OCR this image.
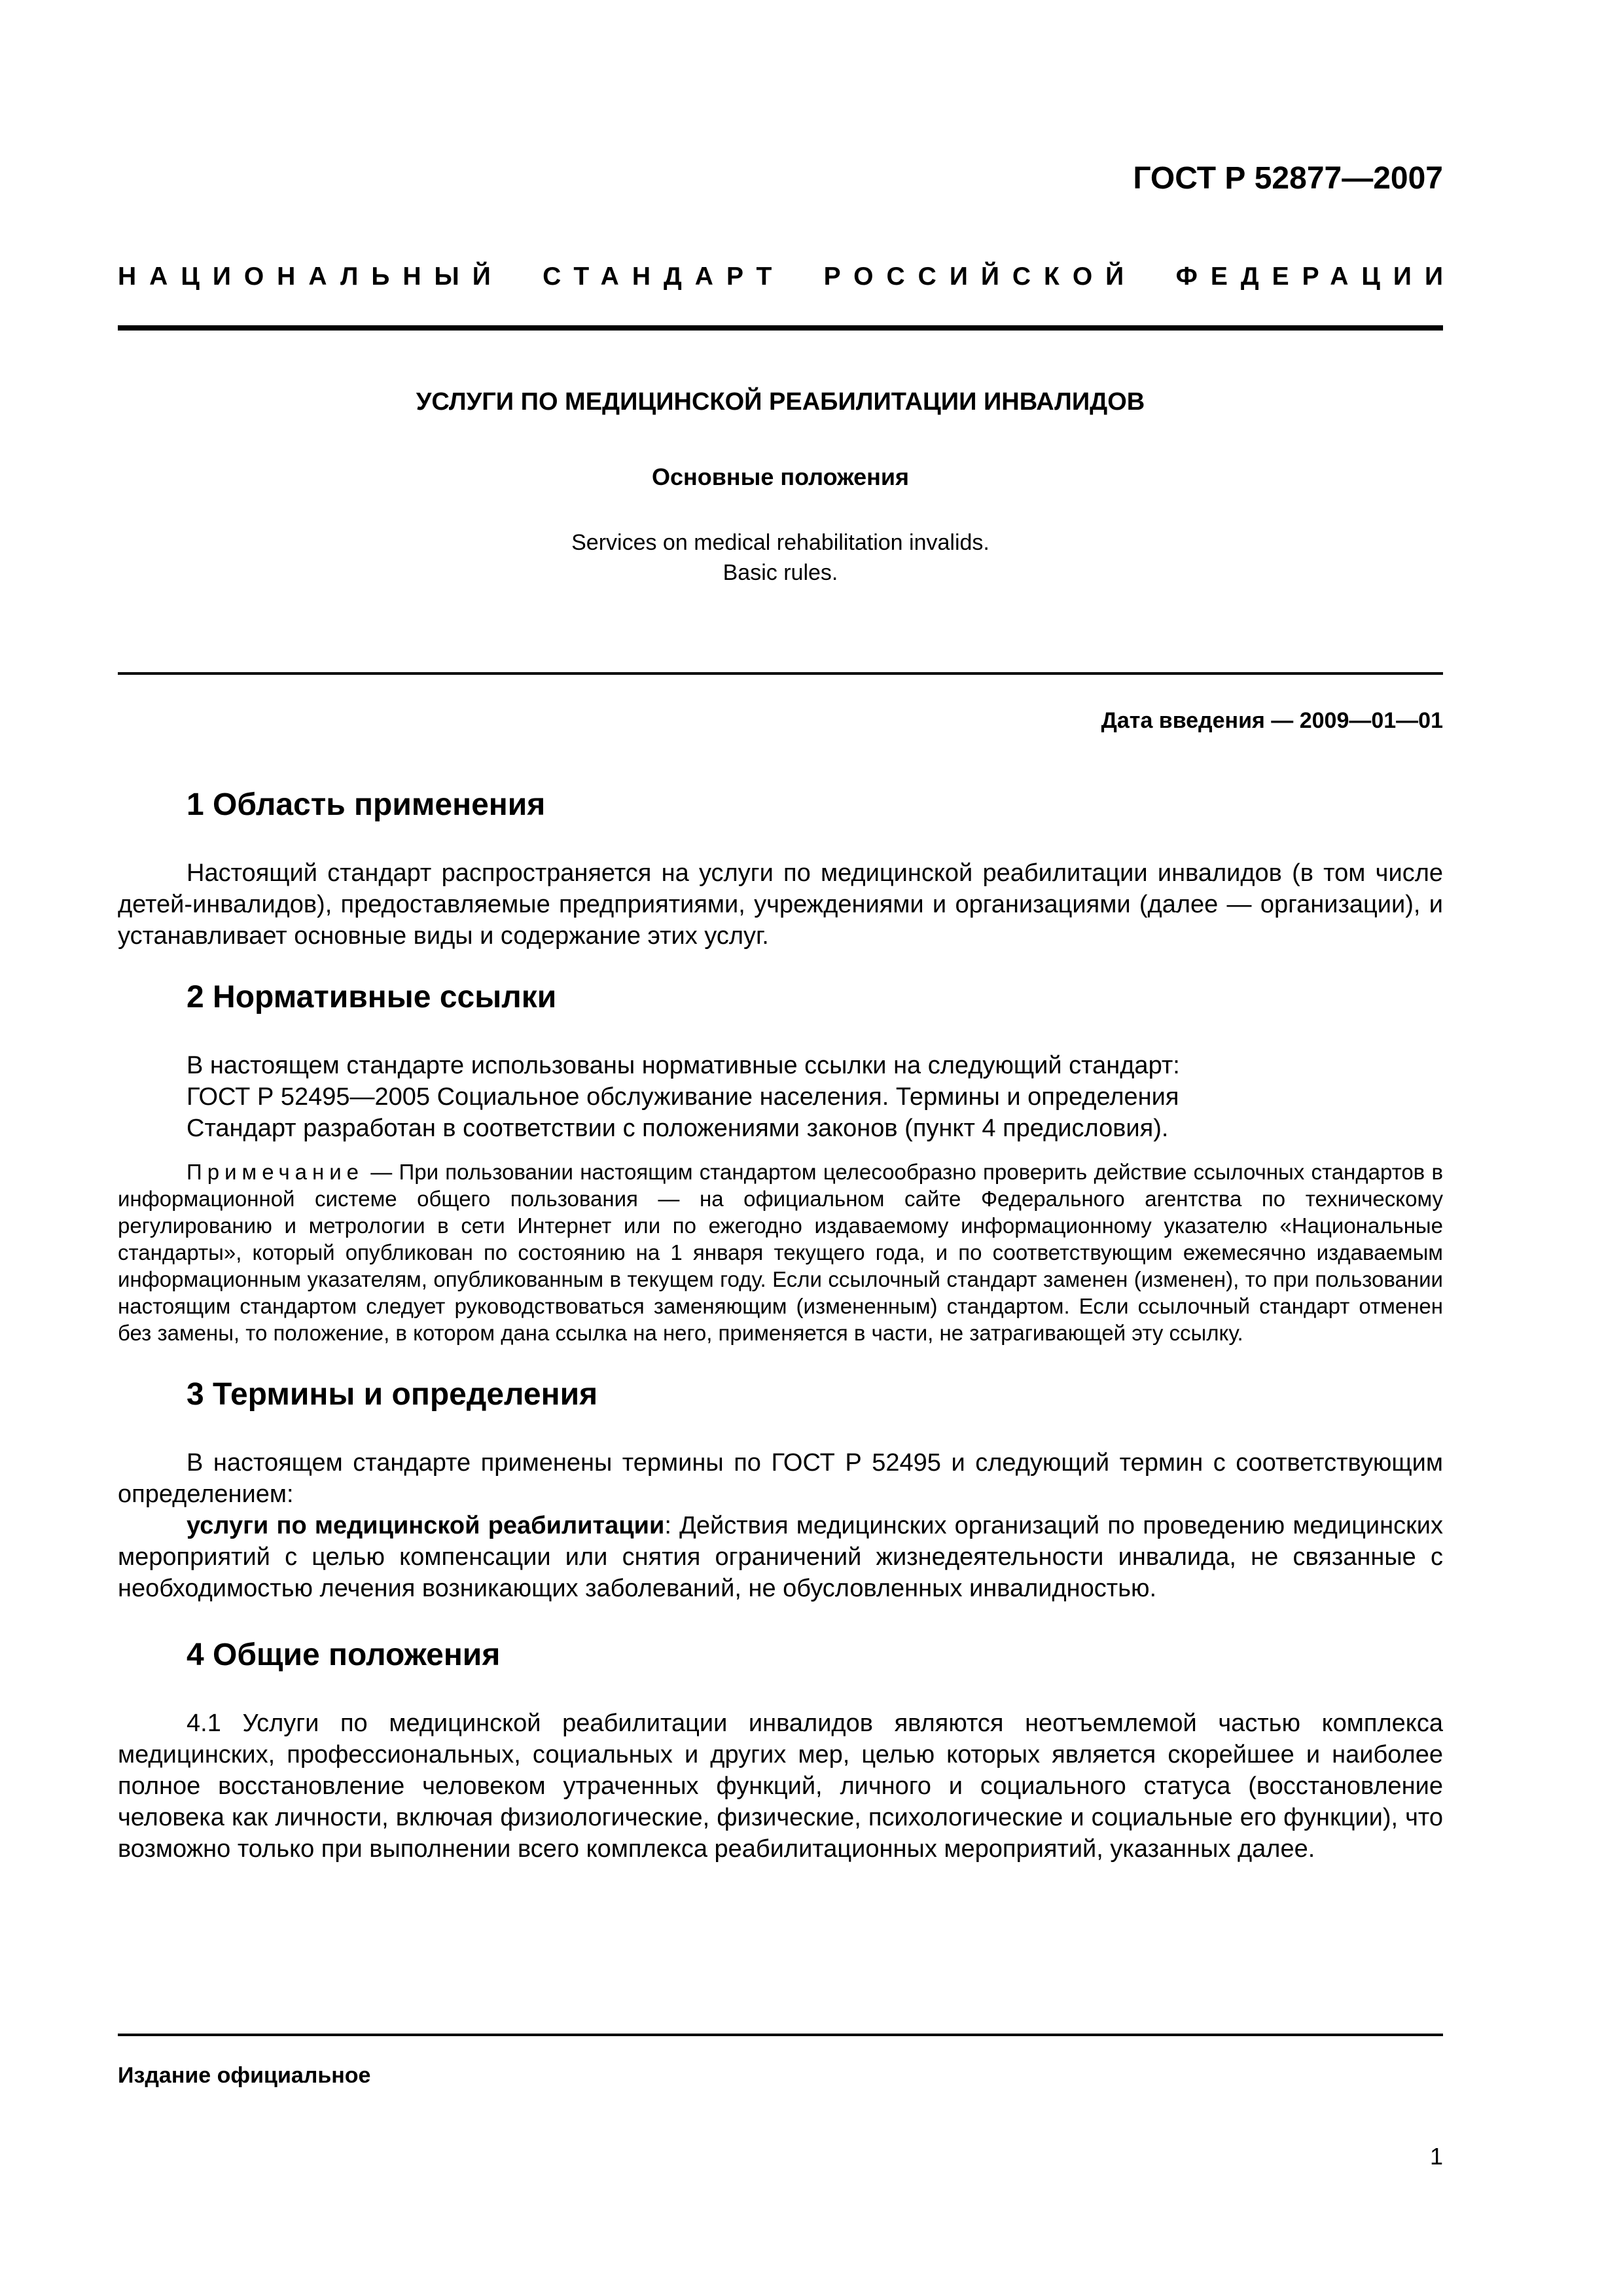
ГОСТ Р 52877—2007
НАЦИОНАЛЬНЫЙ СТАНДАРТ РОССИЙСКОЙ ФЕДЕРАЦИИ
УСЛУГИ ПО МЕДИЦИНСКОЙ РЕАБИЛИТАЦИИ ИНВАЛИДОВ
Основные положения
Services on medical rehabilitation invalids.
Basic rules.
Дата введения — 2009—01—01
1 Область применения

Настоящий стандарт распространяется на услуги по медицинской реабилитации инвалидов (в том числе детей-инвалидов), предоставляемые предприятиями, учреждениями и организациями (далее — организации), и устанавливает основные виды и содержание этих услуг.

2 Нормативные ссылки
В настоящем стандарте использованы нормативные ссылки на следующий стандарт:
ГОСТ Р 52495—2005 Социальное обслуживание населения. Термины и определения
Стандарт разработан в соответствии с положениями законов (пункт 4 предисловия).

Примечание — При пользовании настоящим стандартом целесообразно проверить действие ссылочных стандартов в информационной системе общего пользования — на официальном сайте Федерального агентства по техническому регулированию и метрологии в сети Интернет или по ежегодно издаваемому информационному указателю «Национальные стандарты», который опубликован по состоянию на 1 января текущего года, и по соответствующим ежемесячно издаваемым информационным указателям, опубликованным в текущем году. Если ссылочный стандарт заменен (изменен), то при пользовании настоящим стандартом следует руководствоваться заменяющим (измененным) стандартом. Если ссылочный стандарт отменен без замены, то положение, в котором дана ссылка на него, применяется в части, не затрагивающей эту ссылку.

3 Термины и определения

В настоящем стандарте применены термины по ГОСТ Р 52495 и следующий термин с соответствующим определением:

услуги по медицинской реабилитации: Действия медицинских организаций по проведению медицинских мероприятий с целью компенсации или снятия ограничений жизнедеятельности инвалида, не связанные с необходимостью лечения возникающих заболеваний, не обусловленных инвалидностью.

4 Общие положения

4.1 Услуги по медицинской реабилитации инвалидов являются неотъемлемой частью комплекса медицинских, профессиональных, социальных и других мер, целью которых является скорейшее и наиболее полное восстановление человеком утраченных функций, личного и социального статуса (восстановление человека как личности, включая физиологические, физические, психологические и социальные его функции), что возможно только при выполнении всего комплекса реабилитационных мероприятий, указанных далее.

Издание официальное
1
